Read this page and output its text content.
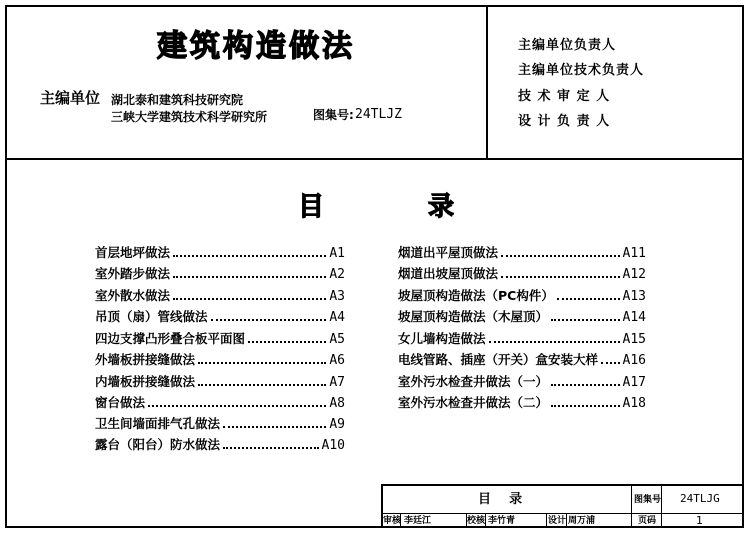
建筑构造做法
主编单位 湖北泰和建筑科技研究院
三峡大学建筑技术科学研究所	图集号: 24TLJZ
主编单位负责人
主编单位技术负责人
技 术 审 定 人
设 计 负 责 人
目	录
首层地坪做法	A1
室外踏步做法	A2
室外散水做法	A3
吊顶（扇）管线做法	A4
四边支撑凸形叠合板平面图	A5
外墙板拼接缝做法	A6
内墙板拼接缝做法	A7
窗台做法	A8
卫生间墙面排气孔做法	A9
露台（阳台）防水做法	A10
烟道出平屋顶做法	A11
烟道出坡屋顶做法	A12
坡屋顶构造做法（PC构件）	A13
坡屋顶构造做法（木屋顶）	A14
女儿墙构造做法	A15
电线管路、插座（开关）盒安装大样 A16
室外污水检查井做法（一）	A17
室外污水检查井做法（二）	A18
目    录	图集号 24TLJG
审核 李廷江	校核 李竹青	设计 周万浦	页码	1
